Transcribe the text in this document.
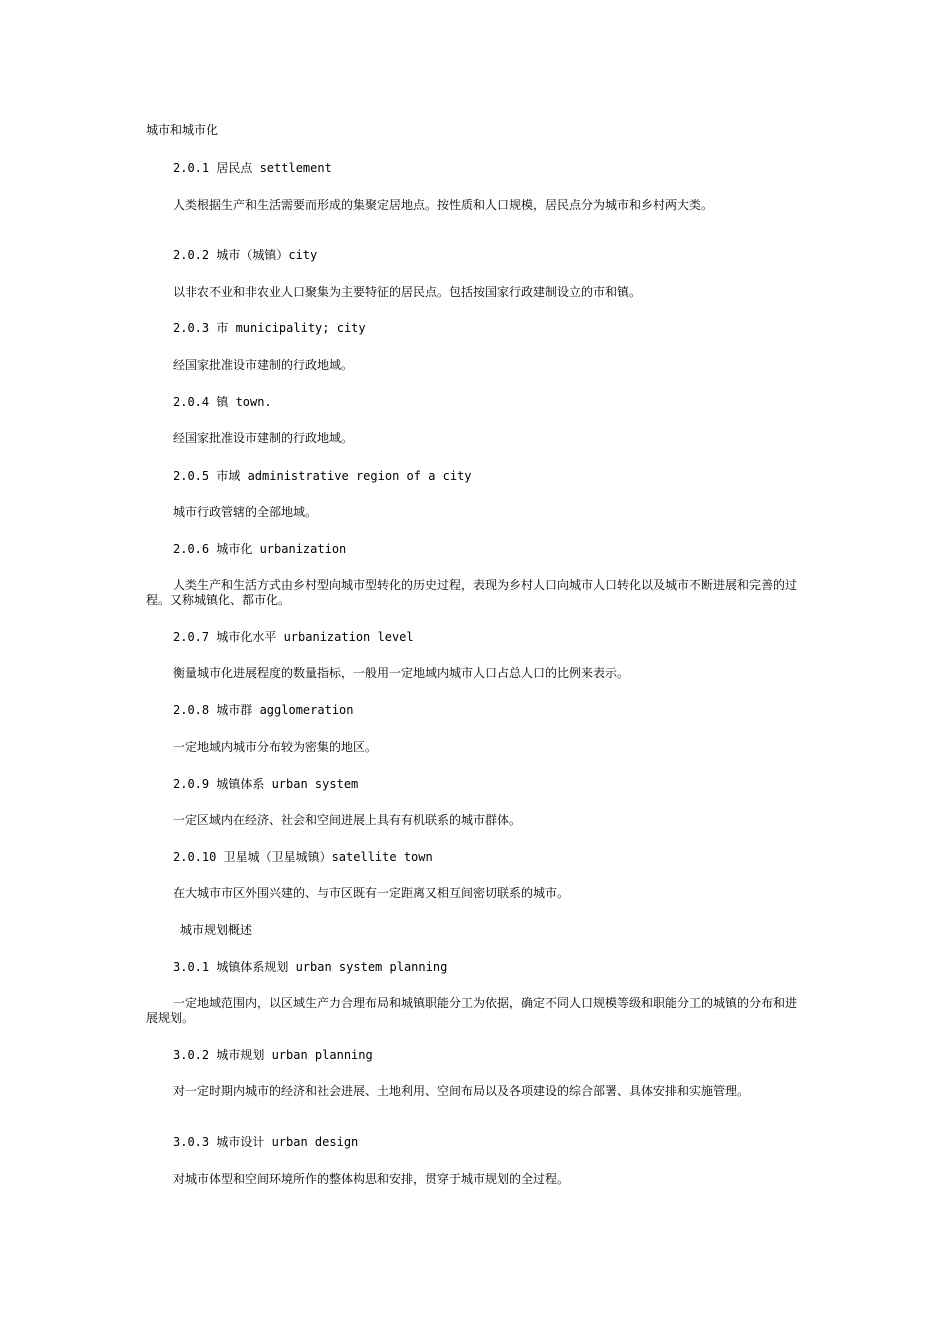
城市和城市化
2.0.1 居民点 settlement
人类根据生产和生活需要而形成的集聚定居地点。按性质和人口规模，居民点分为城市和乡村两大类。
2.0.2 城市（城镇）city
以非农不业和非农业人口聚集为主要特征的居民点。包括按国家行政建制设立的市和镇。
2.0.3 市 municipality; city
经国家批准设市建制的行政地域。
2.0.4 镇 town.
经国家批准设市建制的行政地域。
2.0.5 市域 administrative region of a city
城市行政管辖的全部地域。
2.0.6 城市化 urbanization
人类生产和生活方式由乡村型向城市型转化的历史过程，表现为乡村人口向城市人口转化以及城市不断进展和完善的过程。又称城镇化、都市化。
2.0.7 城市化水平 urbanization level
衡量城市化进展程度的数量指标，一般用一定地域内城市人口占总人口的比例来表示。
2.0.8 城市群 agglomeration
一定地域内城市分布较为密集的地区。
2.0.9 城镇体系 urban system
一定区域内在经济、社会和空间进展上具有有机联系的城市群体。
2.0.10 卫星城（卫星城镇）satellite town
在大城市市区外围兴建的、与市区既有一定距离又相互间密切联系的城市。
城市规划概述
3.0.1 城镇体系规划 urban system planning
一定地域范围内，以区域生产力合理布局和城镇职能分工为依据，确定不同人口规模等级和职能分工的城镇的分布和进展规划。
3.0.2 城市规划 urban planning
对一定时期内城市的经济和社会进展、土地利用、空间布局以及各项建设的综合部署、具体安排和实施管理。
3.0.3 城市设计 urban design
对城市体型和空间环境所作的整体构思和安排，贯穿于城市规划的全过程。
